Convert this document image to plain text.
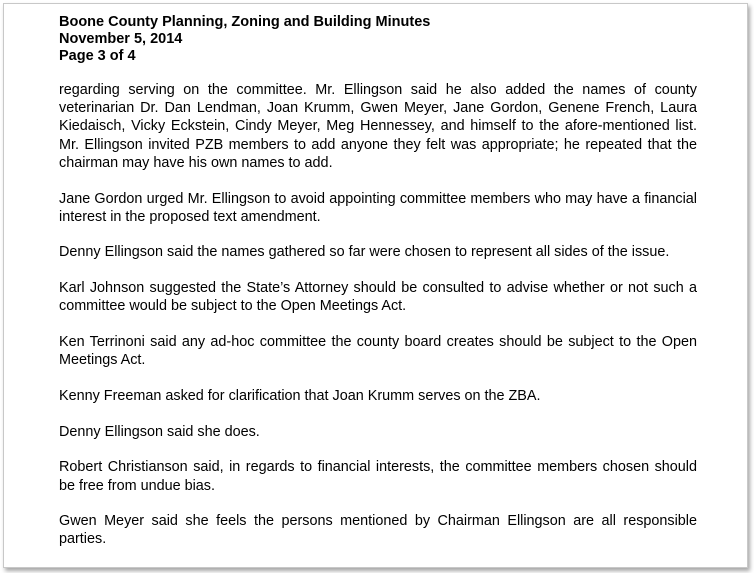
Boone County Planning, Zoning and Building Minutes
November 5, 2014
Page 3 of 4
regarding serving on the committee. Mr. Ellingson said he also added the names of county veterinarian Dr. Dan Lendman, Joan Krumm, Gwen Meyer, Jane Gordon, Genene French, Laura Kiedaisch, Vicky Eckstein, Cindy Meyer, Meg Hennessey, and himself to the afore-mentioned list. Mr. Ellingson invited PZB members to add anyone they felt was appropriate; he repeated that the chairman may have his own names to add.
Jane Gordon urged Mr. Ellingson to avoid appointing committee members who may have a financial interest in the proposed text amendment.
Denny Ellingson said the names gathered so far were chosen to represent all sides of the issue.
Karl Johnson suggested the State’s Attorney should be consulted to advise whether or not such a committee would be subject to the Open Meetings Act.
Ken Terrinoni said any ad-hoc committee the county board creates should be subject to the Open Meetings Act.
Kenny Freeman asked for clarification that Joan Krumm serves on the ZBA.
Denny Ellingson said she does.
Robert Christianson said, in regards to financial interests, the committee members chosen should be free from undue bias.
Gwen Meyer said she feels the persons mentioned by Chairman Ellingson are all responsible parties.
